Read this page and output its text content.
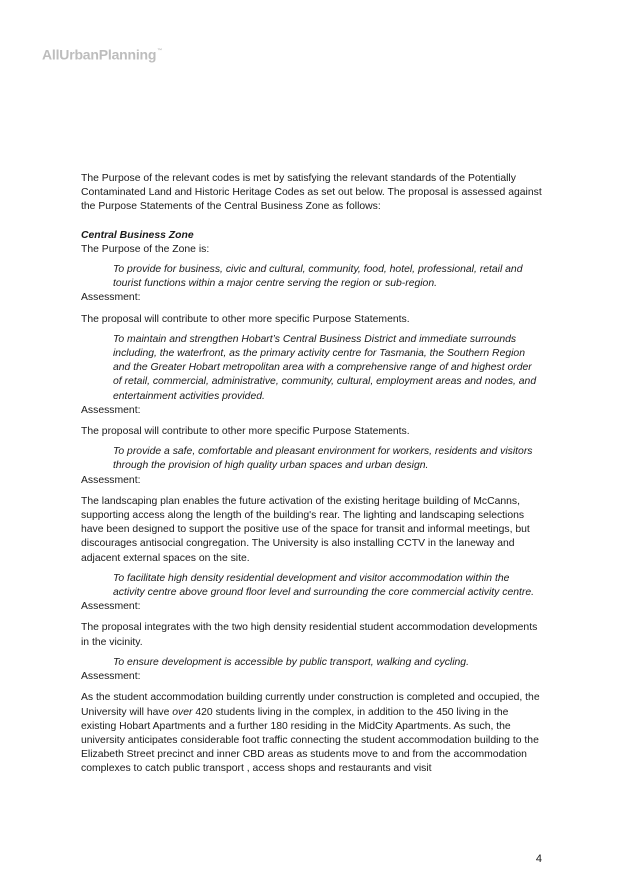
AllUrbanPlanning™

The Purpose of the relevant codes is met by satisfying the relevant standards of the Potentially Contaminated Land and Historic Heritage Codes as set out below. The proposal is assessed against the Purpose Statements of the Central Business Zone as follows:

Central Business Zone

The Purpose of the Zone is:

To provide for business, civic and cultural, community, food, hotel, professional, retail and tourist functions within a major centre serving the region or sub-region.

Assessment:

The proposal will contribute to other more specific Purpose Statements.

To maintain and strengthen Hobart’s Central Business District and immediate surrounds including, the waterfront, as the primary activity centre for Tasmania, the Southern Region and the Greater Hobart metropolitan area with a comprehensive range of and highest order of retail, commercial, administrative, community, cultural, employment areas and nodes, and entertainment activities provided.

Assessment:

The proposal will contribute to other more specific Purpose Statements.

To provide a safe, comfortable and pleasant environment for workers, residents and visitors through the provision of high quality urban spaces and urban design.

Assessment:

The landscaping plan enables the future activation of the existing heritage building of McCanns, supporting access along the length of the building's rear. The lighting and landscaping selections have been designed to support the positive use of the space for transit and informal meetings, but discourages antisocial congregation. The University is also installing CCTV in the laneway and adjacent external spaces on the site.

To facilitate high density residential development and visitor accommodation within the activity centre above ground floor level and surrounding the core commercial activity centre.

Assessment:

The proposal integrates with the two high density residential student accommodation developments in the vicinity.

To ensure development is accessible by public transport, walking and cycling.

Assessment:

As the student accommodation building currently under construction is completed and occupied, the University will have over 420 students living in the complex, in addition to the 450 living in the existing Hobart Apartments and a further 180 residing in the MidCity Apartments. As such, the university anticipates considerable foot traffic connecting the student accommodation building to the Elizabeth Street precinct and inner CBD areas as students move to and from the accommodation complexes to catch public transport , access shops and restaurants and visit

4
